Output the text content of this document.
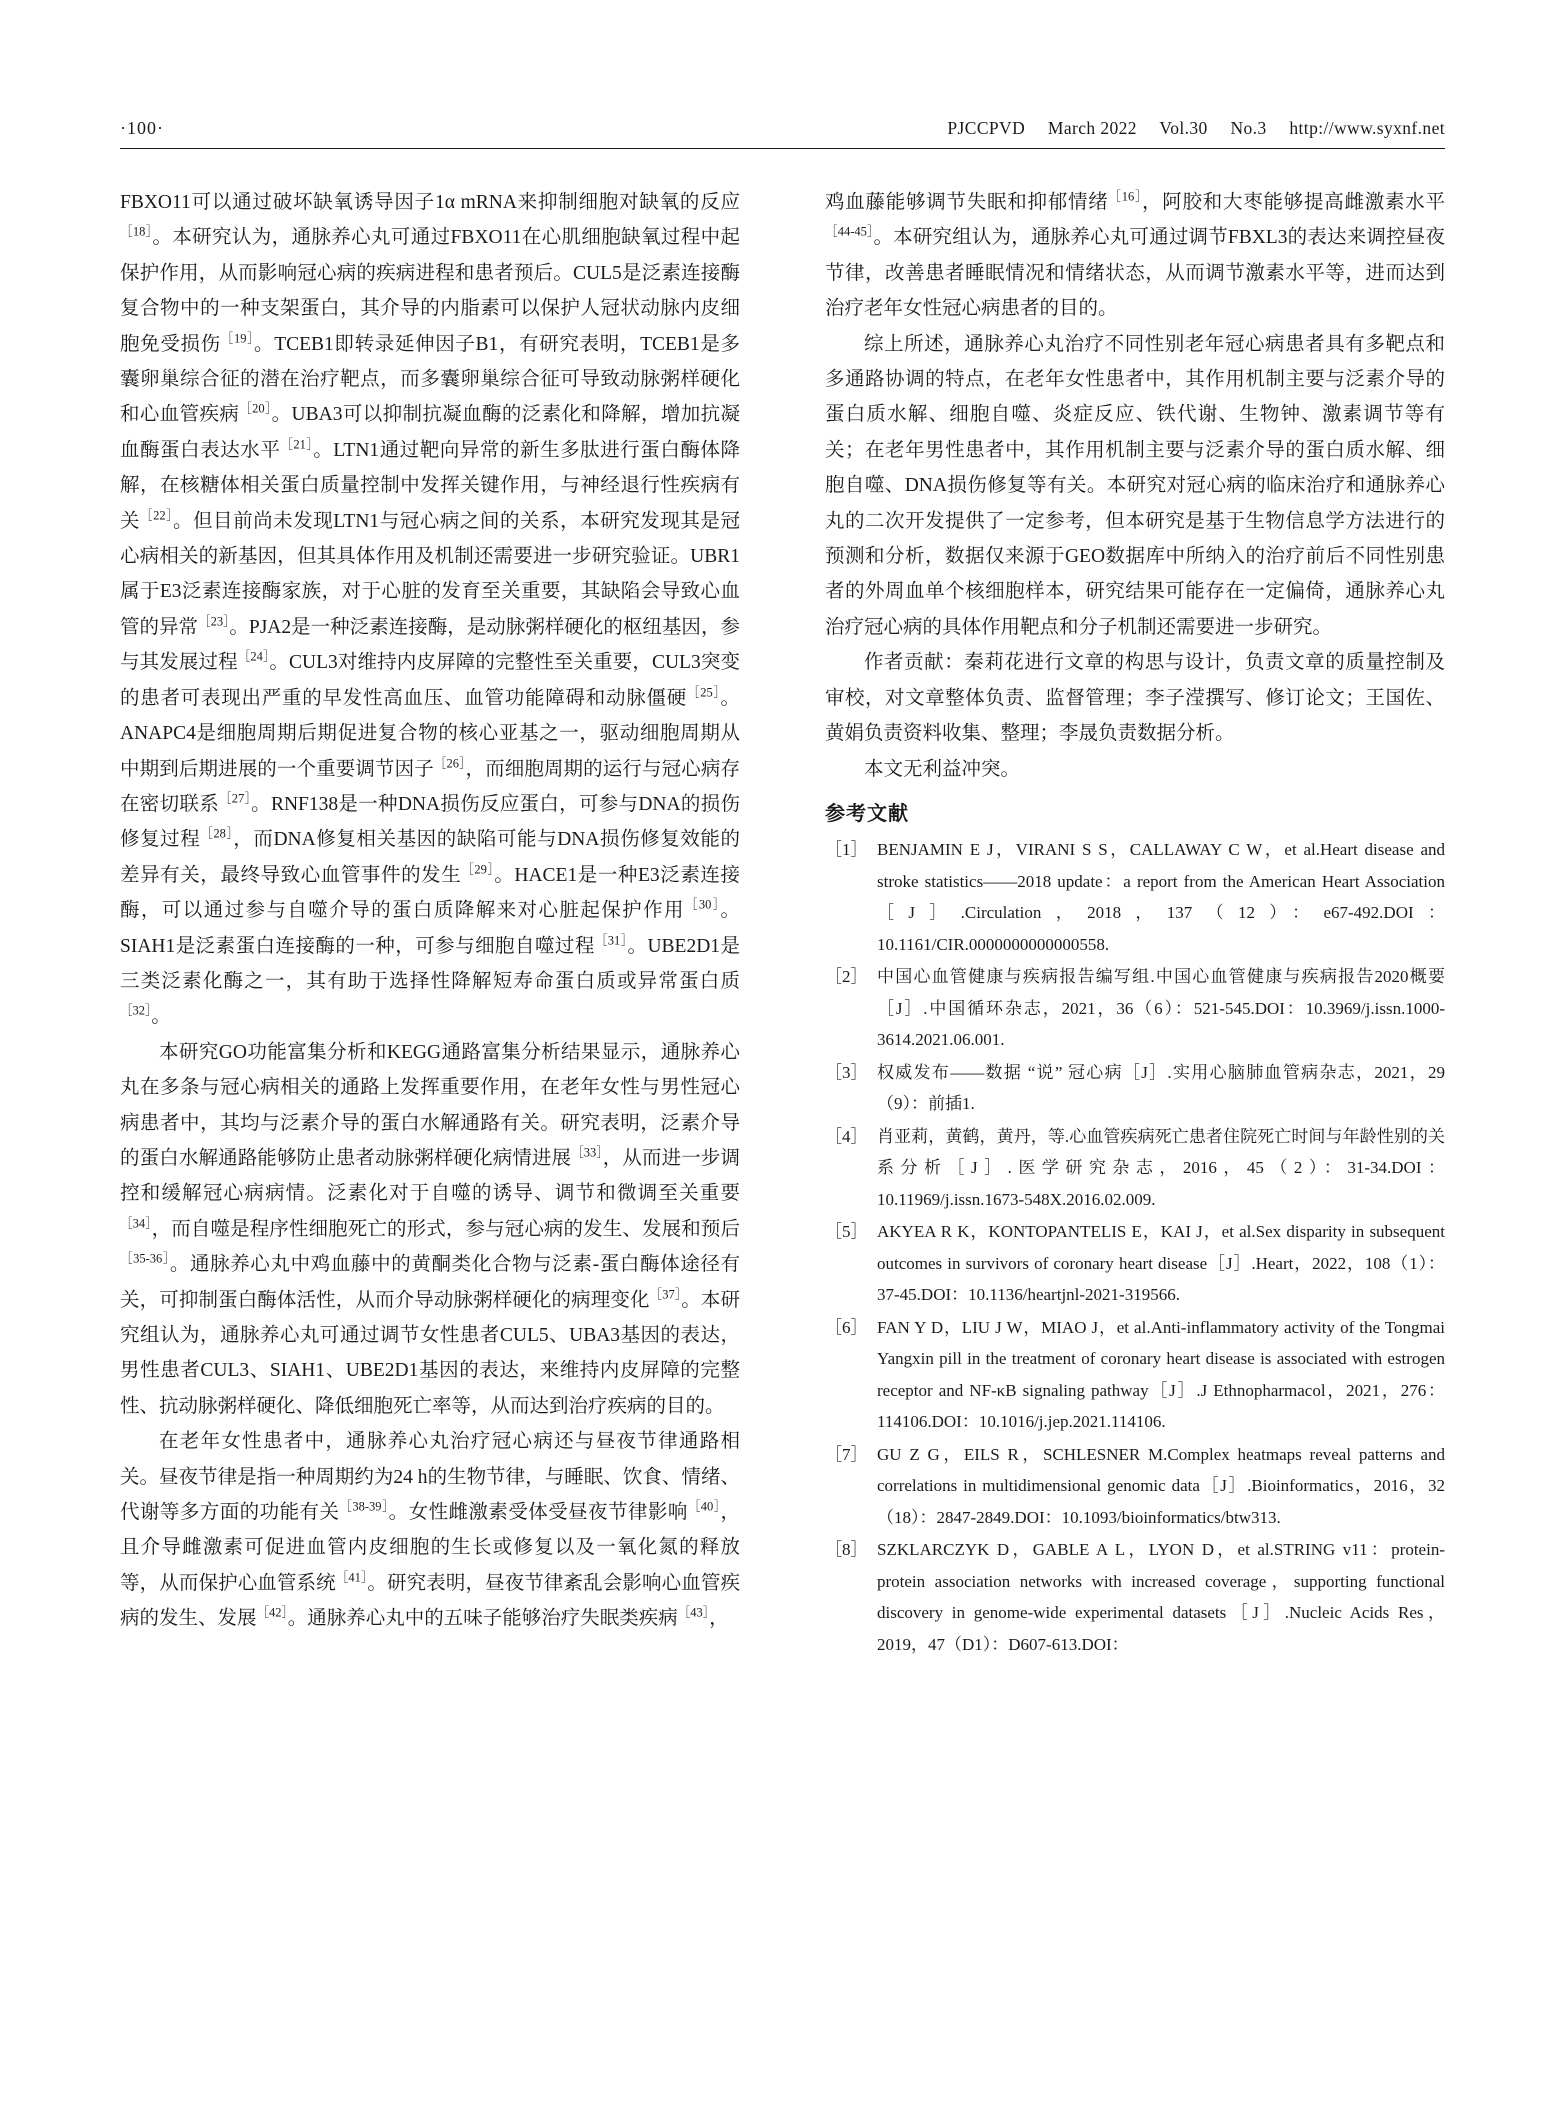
·100·	PJCCPVD March 2022 Vol.30 No.3 http://www.syxnf.net

FBXO11可以通过破坏缺氧诱导因子1α mRNA来抑制细胞对缺氧的反应$^{[18]}$。本研究认为，通脉养心丸可通过FBXO11在心肌细胞缺氧过程中起保护作用，从而影响冠心病的疾病进程和患者预后。CUL5是泛素连接酶复合物中的一种支架蛋白，其介导的内脂素可以保护人冠状动脉内皮细胞免受损伤$^{[19]}$。TCEB1即转录延伸因子B1，有研究表明，TCEB1是多囊卵巢综合征的潜在治疗靶点，而多囊卵巢综合征可导致动脉粥样硬化和心血管疾病$^{[20]}$。UBA3可以抑制抗凝血酶的泛素化和降解，增加抗凝血酶蛋白表达水平$^{[21]}$。LTN1通过靶向异常的新生多肽进行蛋白酶体降解，在核糖体相关蛋白质量控制中发挥关键作用，与神经退行性疾病有关$^{[22]}$。但目前尚未发现LTN1与冠心病之间的关系，本研究发现其是冠心病相关的新基因，但其具体作用及机制还需要进一步研究验证。UBR1属于E3泛素连接酶家族，对于心脏的发育至关重要，其缺陷会导致心血管的异常$^{[23]}$。PJA2是一种泛素连接酶，是动脉粥样硬化的枢纽基因，参与其发展过程$^{[24]}$。CUL3对维持内皮屏障的完整性至关重要，CUL3突变的患者可表现出严重的早发性高血压、血管功能障碍和动脉僵硬$^{[25]}$。ANAPC4是细胞周期后期促进复合物的核心亚基之一，驱动细胞周期从中期到后期进展的一个重要调节因子$^{[26]}$，而细胞周期的运行与冠心病存在密切联系$^{[27]}$。RNF138是一种DNA损伤反应蛋白，可参与DNA的损伤修复过程$^{[28]}$，而DNA修复相关基因的缺陷可能与DNA损伤修复效能的差异有关，最终导致心血管事件的发生$^{[29]}$。HACE1是一种E3泛素连接酶，可以通过参与自噬介导的蛋白质降解来对心脏起保护作用$^{[30]}$。SIAH1是泛素蛋白连接酶的一种，可参与细胞自噬过程$^{[31]}$。UBE2D1是三类泛素化酶之一，其有助于选择性降解短寿命蛋白质或异常蛋白质$^{[32]}$。

本研究GO功能富集分析和KEGG通路富集分析结果显示，通脉养心丸在多条与冠心病相关的通路上发挥重要作用，在老年女性与男性冠心病患者中，其均与泛素介导的蛋白水解通路有关。研究表明，泛素介导的蛋白水解通路能够防止患者动脉粥样硬化病情进展$^{[33]}$，从而进一步调控和缓解冠心病病情。泛素化对于自噬的诱导、调节和微调至关重要$^{[34]}$，而自噬是程序性细胞死亡的形式，参与冠心病的发生、发展和预后$^{[35-36]}$。通脉养心丸中鸡血藤中的黄酮类化合物与泛素-蛋白酶体途径有关，可抑制蛋白酶体活性，从而介导动脉粥样硬化的病理变化$^{[37]}$。本研究组认为，通脉养心丸可通过调节女性患者CUL5、UBA3基因的表达，男性患者CUL3、SIAH1、UBE2D1基因的表达，来维持内皮屏障的完整性、抗动脉粥样硬化、降低细胞死亡率等，从而达到治疗疾病的目的。

在老年女性患者中，通脉养心丸治疗冠心病还与昼夜节律通路相关。昼夜节律是指一种周期约为24 h的生物节律，与睡眠、饮食、情绪、代谢等多方面的功能有关$^{[38-39]}$。女性雌激素受体受昼夜节律影响$^{[40]}$，且介导雌激素可促进血管内皮细胞的生长或修复以及一氧化氮的释放等，从而保护心血管系统$^{[41]}$。研究表明，昼夜节律紊乱会影响心血管疾病的发生、发展$^{[42]}$。通脉养心丸中的五味子能够治疗失眠类疾病$^{[43]}$，

鸡血藤能够调节失眠和抑郁情绪$^{[16]}$，阿胶和大枣能够提高雌激素水平$^{[44-45]}$。本研究组认为，通脉养心丸可通过调节FBXL3的表达来调控昼夜节律，改善患者睡眠情况和情绪状态，从而调节激素水平等，进而达到治疗老年女性冠心病患者的目的。

综上所述，通脉养心丸治疗不同性别老年冠心病患者具有多靶点和多通路协调的特点，在老年女性患者中，其作用机制主要与泛素介导的蛋白质水解、细胞自噬、炎症反应、铁代谢、生物钟、激素调节等有关；在老年男性患者中，其作用机制主要与泛素介导的蛋白质水解、细胞自噬、DNA损伤修复等有关。本研究对冠心病的临床治疗和通脉养心丸的二次开发提供了一定参考，但本研究是基于生物信息学方法进行的预测和分析，数据仅来源于GEO数据库中所纳入的治疗前后不同性别患者的外周血单个核细胞样本，研究结果可能存在一定偏倚，通脉养心丸治疗冠心病的具体作用靶点和分子机制还需要进一步研究。

作者贡献：秦莉花进行文章的构思与设计，负责文章的质量控制及审校，对文章整体负责、监督管理；李子滢撰写、修订论文；王国佐、黄娟负责资料收集、整理；李晟负责数据分析。

本文无利益冲突。

参考文献
［1］ BENJAMIN E J，VIRANI S S，CALLAWAY C W，et al.Heart disease and stroke statistics——2018 update：a report from the American Heart Association［J］.Circulation，2018，137（12）：e67-492.DOI：10.1161/CIR.0000000000000558.
［2］ 中国心血管健康与疾病报告编写组.中国心血管健康与疾病报告2020概要［J］.中国循环杂志，2021，36（6）：521-545.DOI：10.3969/j.issn.1000-3614.2021.06.001.
［3］ 权威发布——数据 “说” 冠心病［J］.实用心脑肺血管病杂志，2021，29（9）：前插1.
［4］ 肖亚莉，黄鹤，黄丹，等.心血管疾病死亡患者住院死亡时间与年龄性别的关系分析［J］.医学研究杂志，2016，45（2）：31-34.DOI：10.11969/j.issn.1673-548X.2016.02.009.
［5］ AKYEA R K，KONTOPANTELIS E，KAI J，et al.Sex disparity in subsequent outcomes in survivors of coronary heart disease［J］.Heart，2022，108（1）：37-45.DOI：10.1136/heartjnl-2021-319566.
［6］ FAN Y D，LIU J W，MIAO J，et al.Anti-inflammatory activity of the Tongmai Yangxin pill in the treatment of coronary heart disease is associated with estrogen receptor and NF-κB signaling pathway［J］.J Ethnopharmacol，2021，276：114106.DOI：10.1016/j.jep.2021.114106.
［7］ GU Z G，EILS R，SCHLESNER M.Complex heatmaps reveal patterns and correlations in multidimensional genomic data［J］.Bioinformatics，2016，32（18）：2847-2849.DOI：10.1093/bioinformatics/btw313.
［8］ SZKLARCZYK D，GABLE A L，LYON D，et al.STRING v11：protein-protein association networks with increased coverage，supporting functional discovery in genome-wide experimental datasets［J］.Nucleic Acids Res，2019，47（D1）：D607-613.DOI：
